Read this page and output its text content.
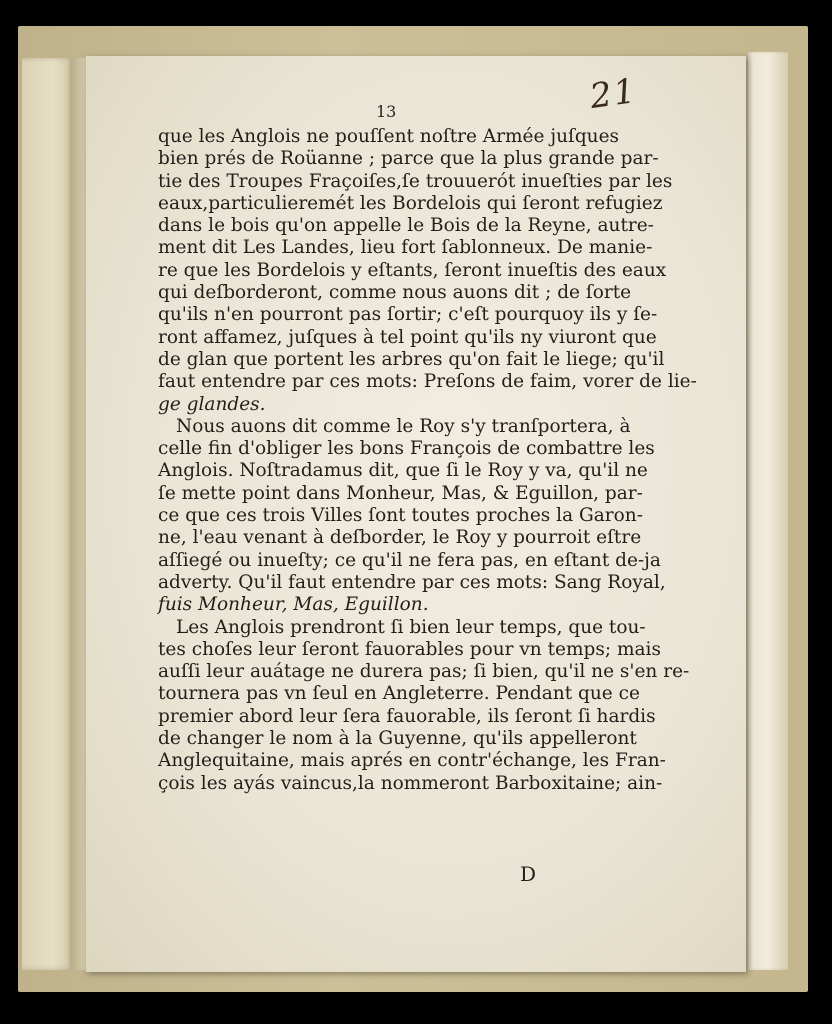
13	21
que les Anglois ne pouſſent noſtre Armée juſques
bien prés de Roüanne ; parce que la plus grande par-
tie des Troupes Fraçoiſes,ſe trouuerót inueſties par les
eaux,particulieremét les Bordelois qui ſeront refugiez
dans le bois qu'on appelle le Bois de la Reyne, autre-
ment dit Les Landes, lieu fort ſablonneux. De manie-
re que les Bordelois y eſtants, ſeront inueſtis des eaux
qui deſborderont, comme nous auons dit ; de ſorte
qu'ils n'en pourront pas ſortir; c'eſt pourquoy ils y ſe-
ront affamez, juſques à tel point qu'ils ny viuront que
de glan que portent les arbres qu'on fait le liege; qu'il
faut entendre par ces mots: Preſons de faim, vorer de lie-
ge glandes.
Nous auons dit comme le Roy s'y tranſportera, à
celle fin d'obliger les bons François de combattre les
Anglois. Noſtradamus dit, que ſi le Roy y va, qu'il ne
ſe mette point dans Monheur, Mas, & Eguillon, par-
ce que ces trois Villes ſont toutes proches la Garon-
ne, l'eau venant à deſborder, le Roy y pourroit eſtre
aſſiegé ou inueſty; ce qu'il ne fera pas, en eſtant de-ja
adverty. Qu'il faut entendre par ces mots: Sang Royal,
fuis Monheur, Mas, Eguillon.
Les Anglois prendront ſi bien leur temps, que tou-
tes choſes leur ſeront fauorables pour vn temps; mais
auſſi leur auátage ne durera pas; ſi bien, qu'il ne s'en re-
tournera pas vn ſeul en Angleterre. Pendant que ce
premier abord leur ſera fauorable, ils ſeront ſi hardis
de changer le nom à la Guyenne, qu'ils appelleront
Anglequitaine, mais aprés en contr'échange, les Fran-
çois les ayás vaincus,la nommeront Barboxitaine; ain-
D
